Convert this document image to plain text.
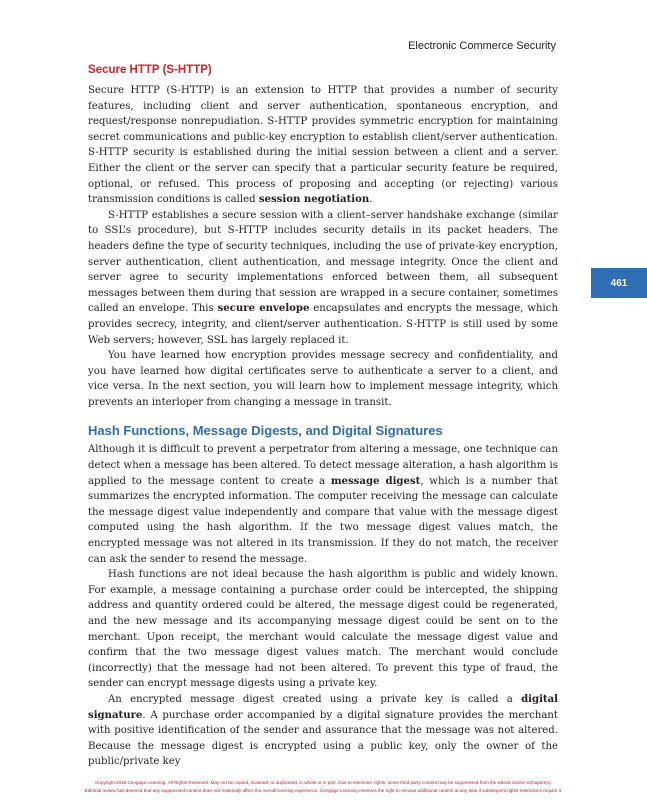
Electronic Commerce Security
461
Secure HTTP (S-HTTP)

Secure HTTP (S-HTTP) is an extension to HTTP that provides a number of security features, including client and server authentication, spontaneous encryption, and request/response nonrepudiation. S-HTTP provides symmetric encryption for maintaining secret communications and public-key encryption to establish client/server authentication. S-HTTP security is established during the initial session between a client and a server. Either the client or the server can specify that a particular security feature be required, optional, or refused. This process of proposing and accepting (or rejecting) various transmission conditions is called session negotiation.

S-HTTP establishes a secure session with a client–server handshake exchange (similar to SSL’s procedure), but S-HTTP includes security details in its packet headers. The headers define the type of security techniques, including the use of private-key encryption, server authentication, client authentication, and message integrity. Once the client and server agree to security implementations enforced between them, all subsequent messages between them during that session are wrapped in a secure container, sometimes called an envelope. This secure envelope encapsulates and encrypts the message, which provides secrecy, integrity, and client/server authentication. S-HTTP is still used by some Web servers; however, SSL has largely replaced it.

You have learned how encryption provides message secrecy and confidentiality, and you have learned how digital certificates serve to authenticate a server to a client, and vice versa. In the next section, you will learn how to implement message integrity, which prevents an interloper from changing a message in transit.

Hash Functions, Message Digests, and Digital Signatures

Although it is difficult to prevent a perpetrator from altering a message, one technique can detect when a message has been altered. To detect message alteration, a hash algorithm is applied to the message content to create a message digest, which is a number that summarizes the encrypted information. The computer receiving the message can calculate the message digest value independently and compare that value with the message digest computed using the hash algorithm. If the two message digest values match, the encrypted message was not altered in its transmission. If they do not match, the receiver can ask the sender to resend the message.

Hash functions are not ideal because the hash algorithm is public and widely known. For example, a message containing a purchase order could be intercepted, the shipping address and quantity ordered could be altered, the message digest could be regenerated, and the new message and its accompanying message digest could be sent on to the merchant. Upon receipt, the merchant would calculate the message digest value and confirm that the two message digest values match. The merchant would conclude (incorrectly) that the message had not been altered. To prevent this type of fraud, the sender can encrypt message digests using a private key.

An encrypted message digest created using a private key is called a digital signature. A purchase order accompanied by a digital signature provides the merchant with positive identification of the sender and assurance that the message was not altered. Because the message digest is encrypted using a public key, only the owner of the public/private key

Copyright 2015 Cengage Learning. All Rights Reserved. May not be copied, scanned, or duplicated, in whole or in part. Due to electronic rights, some third party content may be suppressed from the eBook and/or eChapter(s).
Editorial review has deemed that any suppressed content does not materially affect the overall learning experience. Cengage Learning reserves the right to remove additional content at any time if subsequent rights restrictions require it.
